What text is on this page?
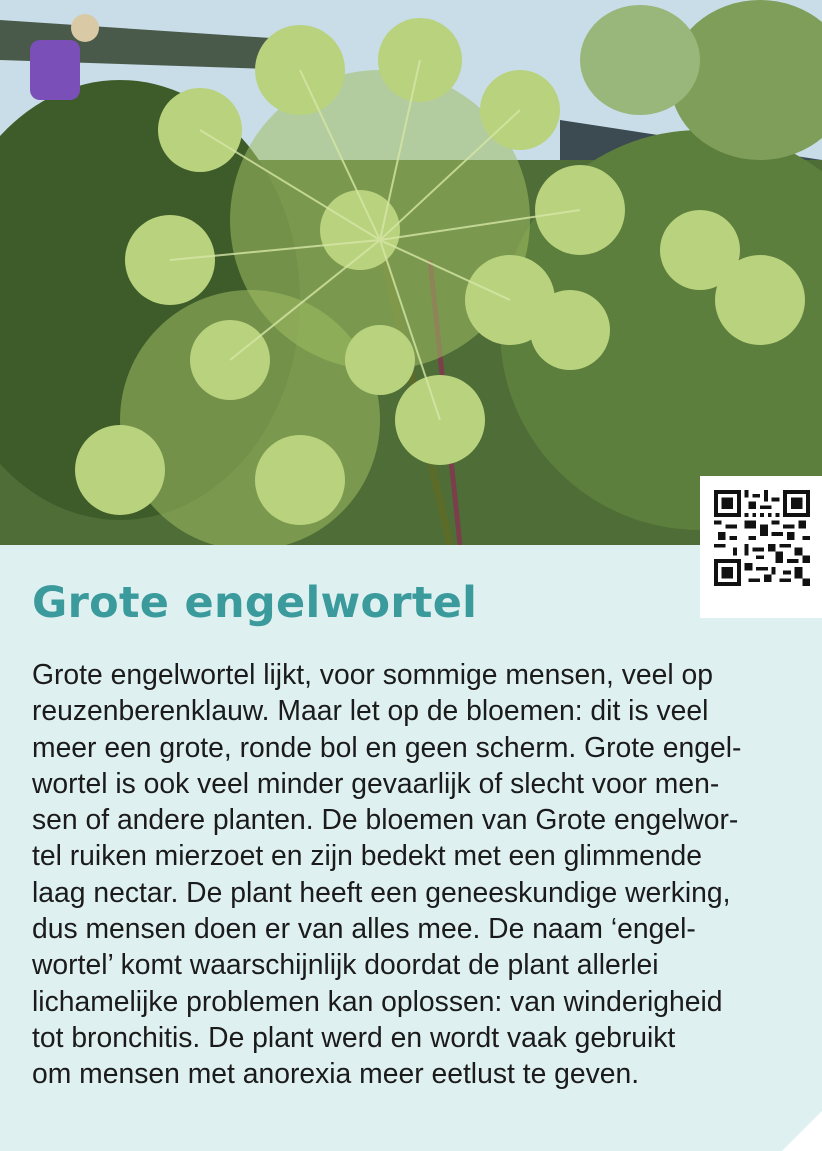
Grote engelwortel

Grote engelwortel lijkt, voor sommige mensen, veel op
reuzenberenklauw. Maar let op de bloemen: dit is veel
meer een grote, ronde bol en geen scherm. Grote engel-
wortel is ook veel minder gevaarlijk of slecht voor men-
sen of andere planten. De bloemen van Grote engelwor-
tel ruiken mierzoet en zijn bedekt met een glimmende
laag nectar. De plant heeft een geneeskundige werking,
dus mensen doen er van alles mee. De naam ‘engel-
wortel’ komt waarschijnlijk doordat de plant allerlei
lichamelijke problemen kan oplossen: van winderigheid
tot bronchitis. De plant werd en wordt vaak gebruikt
om mensen met anorexia meer eetlust te geven.
